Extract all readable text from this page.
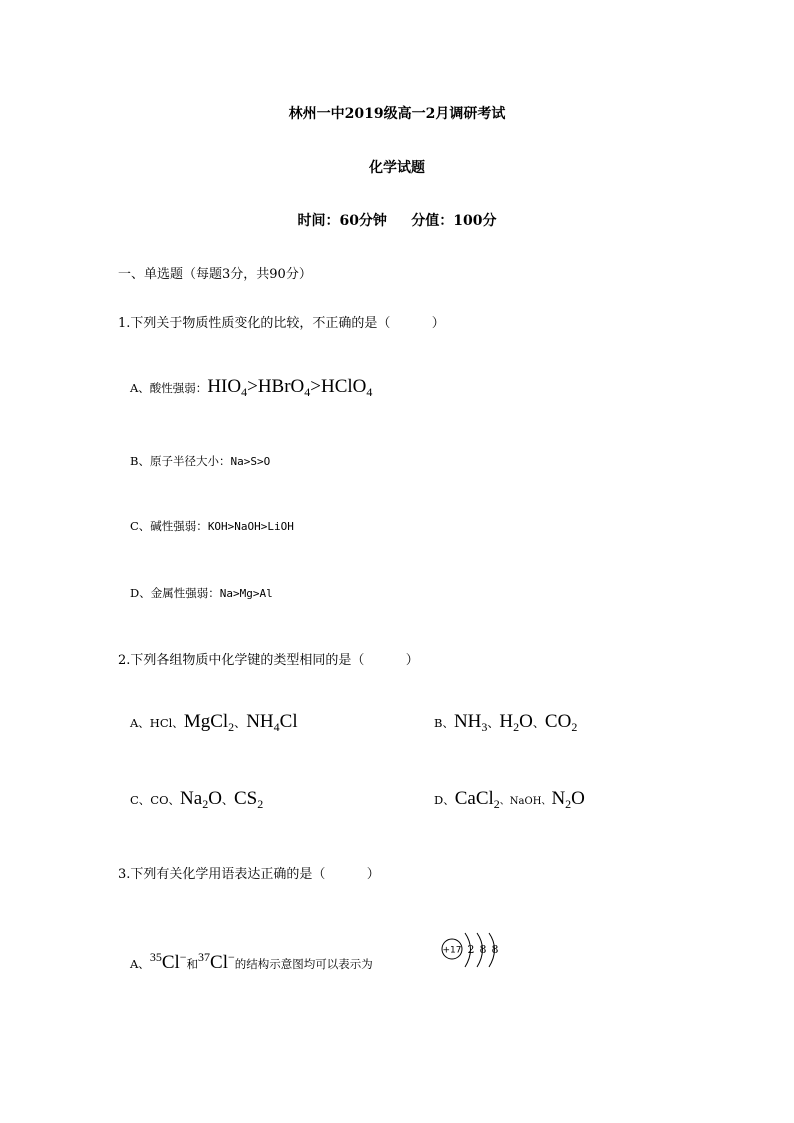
林州一中2019级高一2月调研考试
化学试题
时间：60分钟     分值：100分
一、单选题（每题3分，共90分）
1.下列关于物质性质变化的比较，不正确的是（          ）
A、酸性强弱：$HIO_4>HBrO_4>HClO_4$
B、原子半径大小：Na>S>O
C、碱性强弱：KOH>NaOH>LiOH
D、金属性强弱：Na>Mg>Al
2.下列各组物质中化学键的类型相同的是（          ）
A、HCl、MgCl$_2$、$NH_4Cl$	B、$NH_3$、$H_2O$、$CO_2$
C、CO、$Na_2O$、$CS_2$	D、CaCl$_2$、NaOH、$N_2O$
3.下列有关化学用语表达正确的是（          ）
A、$^{35}$Cl−和$^{37}$Cl−的结构示意图均可以表示为
+17 2 8 8
